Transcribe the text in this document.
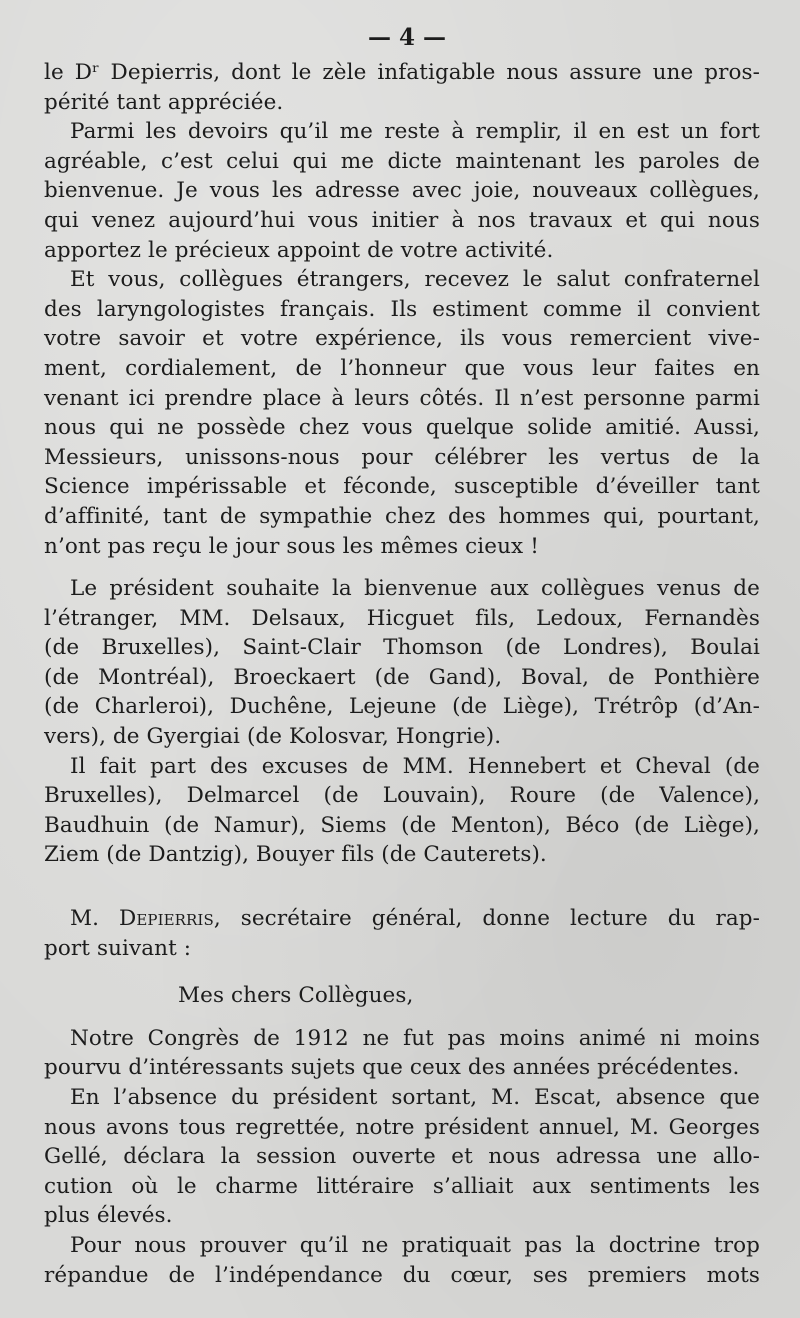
— 4 —
le Dʳ Depierris, dont le zèle infatigable nous assure une pros-
périté tant appréciée.
Parmi les devoirs qu’il me reste à remplir, il en est un fort
agréable, c’est celui qui me dicte maintenant les paroles de
bienvenue. Je vous les adresse avec joie, nouveaux collègues,
qui venez aujourd’hui vous initier à nos travaux et qui nous
apportez le précieux appoint de votre activité.
Et vous, collègues étrangers, recevez le salut confraternel
des laryngologistes français. Ils estiment comme il convient
votre savoir et votre expérience, ils vous remercient vive-
ment, cordialement, de l’honneur que vous leur faites en
venant ici prendre place à leurs côtés. Il n’est personne parmi
nous qui ne possède chez vous quelque solide amitié. Aussi,
Messieurs, unissons-nous pour célébrer les vertus de la
Science impérissable et féconde, susceptible d’éveiller tant
d’affinité, tant de sympathie chez des hommes qui, pourtant,
n’ont pas reçu le jour sous les mêmes cieux !
Le président souhaite la bienvenue aux collègues venus de
l’étranger, MM. Delsaux, Hicguet fils, Ledoux, Fernandès
(de Bruxelles), Saint-Clair Thomson (de Londres), Boulai
(de Montréal), Broeckaert (de Gand), Boval, de Ponthière
(de Charleroi), Duchêne, Lejeune (de Liège), Trétrôp (d’An-
vers), de Gyergiai (de Kolosvar, Hongrie).
Il fait part des excuses de MM. Hennebert et Cheval (de
Bruxelles), Delmarcel (de Louvain), Roure (de Valence),
Baudhuin (de Namur), Siems (de Menton), Béco (de Liège),
Ziem (de Dantzig), Bouyer fils (de Cauterets).
M. Depierris, secrétaire général, donne lecture du rap-
port suivant :
Mes chers Collègues,
Notre Congrès de 1912 ne fut pas moins animé ni moins
pourvu d’intéressants sujets que ceux des années précédentes.
En l’absence du président sortant, M. Escat, absence que
nous avons tous regrettée, notre président annuel, M. Georges
Gellé, déclara la session ouverte et nous adressa une allo-
cution où le charme littéraire s’alliait aux sentiments les
plus élevés.
Pour nous prouver qu’il ne pratiquait pas la doctrine trop
répandue de l’indépendance du cœur, ses premiers mots
